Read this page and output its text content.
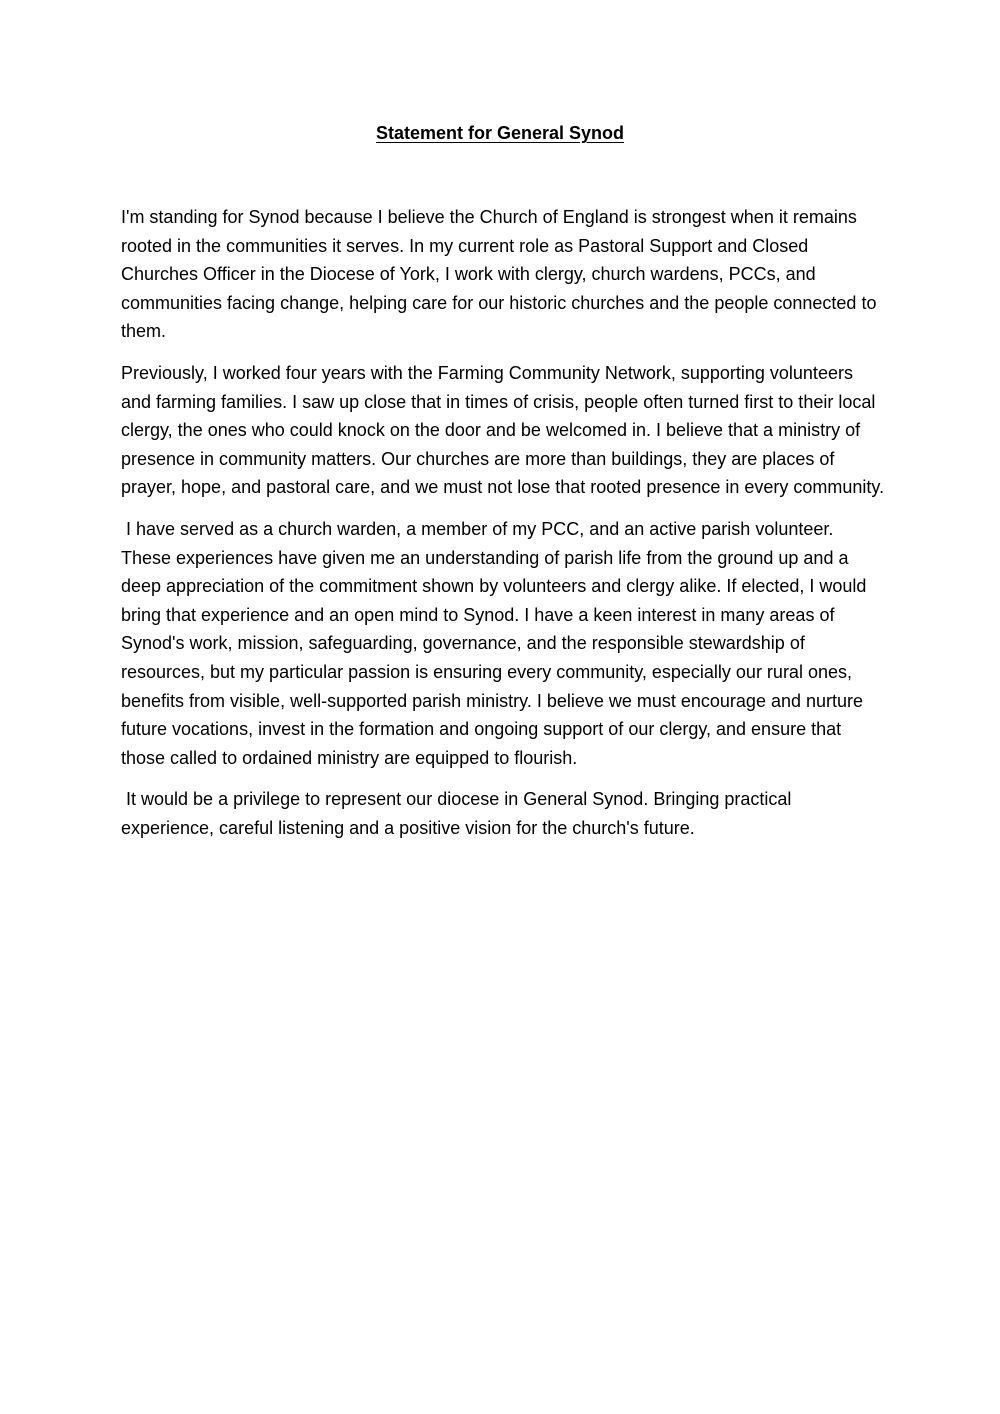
Statement for General Synod

I'm standing for Synod because I believe the Church of England is strongest when it remains rooted in the communities it serves. In my current role as Pastoral Support and Closed Churches Officer in the Diocese of York, I work with clergy, church wardens, PCCs, and communities facing change, helping care for our historic churches and the people connected to them.

Previously, I worked four years with the Farming Community Network, supporting volunteers and farming families. I saw up close that in times of crisis, people often turned first to their local clergy, the ones who could knock on the door and be welcomed in. I believe that a ministry of presence in community matters. Our churches are more than buildings, they are places of prayer, hope, and pastoral care, and we must not lose that rooted presence in every community.

I have served as a church warden, a member of my PCC, and an active parish volunteer. These experiences have given me an understanding of parish life from the ground up and a deep appreciation of the commitment shown by volunteers and clergy alike. If elected, I would bring that experience and an open mind to Synod. I have a keen interest in many areas of Synod's work, mission, safeguarding, governance, and the responsible stewardship of resources, but my particular passion is ensuring every community, especially our rural ones, benefits from visible, well-supported parish ministry. I believe we must encourage and nurture future vocations, invest in the formation and ongoing support of our clergy, and ensure that those called to ordained ministry are equipped to flourish.

It would be a privilege to represent our diocese in General Synod. Bringing practical experience, careful listening and a positive vision for the church's future.
